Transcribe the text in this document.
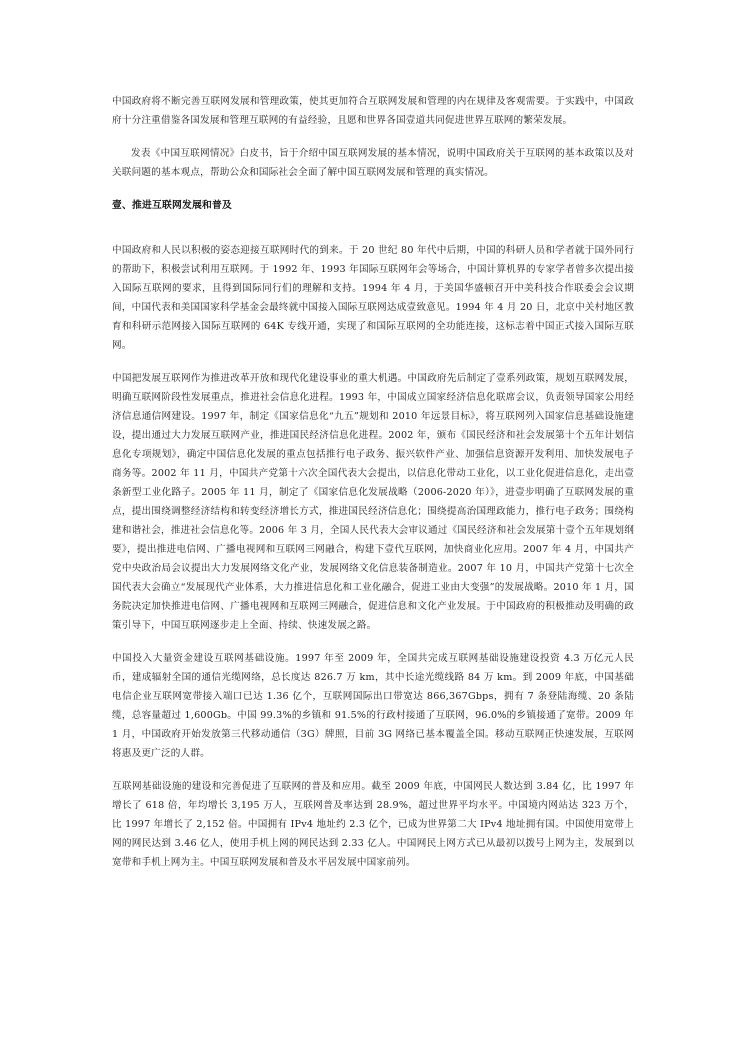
中国政府将不断完善互联网发展和管理政策，使其更加符合互联网发展和管理的内在规律及客观需要。于实践中，中国政府十分注重借鉴各国发展和管理互联网的有益经验，且愿和世界各国壹道共同促进世界互联网的繁荣发展。

发表《中国互联网情况》白皮书，旨于介绍中国互联网发展的基本情况，说明中国政府关于互联网的基本政策以及对关联问题的基本观点，帮助公众和国际社会全面了解中国互联网发展和管理的真实情况。

壹、推进互联网发展和普及

中国政府和人民以积极的姿态迎接互联网时代的到来。于 20 世纪 80 年代中后期，中国的科研人员和学者就于国外同行的帮助下，积极尝试利用互联网。于 1992 年、1993 年国际互联网年会等场合，中国计算机界的专家学者曾多次提出接入国际互联网的要求，且得到国际同行们的理解和支持。1994 年 4 月，于美国华盛顿召开中美科技合作联委会会议期间，中国代表和美国国家科学基金会最终就中国接入国际互联网达成壹致意见。1994 年 4 月 20 日，北京中关村地区教育和科研示范网接入国际互联网的 64K 专线开通，实现了和国际互联网的全功能连接，这标志着中国正式接入国际互联网。

中国把发展互联网作为推进改革开放和现代化建设事业的重大机遇。中国政府先后制定了壹系列政策，规划互联网发展，明确互联网阶段性发展重点，推进社会信息化进程。1993 年，中国成立国家经济信息化联席会议，负责领导国家公用经济信息通信网建设。1997 年，制定《国家信息化“九五”规划和 2010 年远景目标》，将互联网列入国家信息基础设施建设，提出通过大力发展互联网产业，推进国民经济信息化进程。2002 年，颁布《国民经济和社会发展第十个五年计划信息化专项规划》，确定中国信息化发展的重点包括推行电子政务、振兴软件产业、加强信息资源开发利用、加快发展电子商务等。2002 年 11 月，中国共产党第十六次全国代表大会提出，以信息化带动工业化，以工业化促进信息化，走出壹条新型工业化路子。2005 年 11 月，制定了《国家信息化发展战略（2006-2020 年）》，进壹步明确了互联网发展的重点，提出围绕调整经济结构和转变经济增长方式，推进国民经济信息化；围绕提高治国理政能力，推行电子政务；围绕构建和谐社会，推进社会信息化等。2006 年 3 月，全国人民代表大会审议通过《国民经济和社会发展第十壹个五年规划纲要》，提出推进电信网、广播电视网和互联网三网融合，构建下壹代互联网，加快商业化应用。2007 年 4 月，中国共产党中央政治局会议提出大力发展网络文化产业，发展网络文化信息装备制造业。2007 年 10 月，中国共产党第十七次全国代表大会确立“发展现代产业体系，大力推进信息化和工业化融合，促进工业由大变强”的发展战略。2010 年 1 月，国务院决定加快推进电信网、广播电视网和互联网三网融合，促进信息和文化产业发展。于中国政府的积极推动及明确的政策引导下，中国互联网逐步走上全面、持续、快速发展之路。

中国投入大量资金建设互联网基础设施。1997 年至 2009 年，全国共完成互联网基础设施建设投资 4.3 万亿元人民币，建成辐射全国的通信光缆网络，总长度达 826.7 万 km，其中长途光缆线路 84 万 km。到 2009 年底，中国基础电信企业互联网宽带接入端口已达 1.36 亿个，互联网国际出口带宽达 866,367Gbps，拥有 7 条登陆海缆、20 条陆缆，总容量超过 1,600Gb。中国 99.3%的乡镇和 91.5%的行政村接通了互联网，96.0%的乡镇接通了宽带。2009 年 1 月，中国政府开始发放第三代移动通信（3G）牌照，目前 3G 网络已基本覆盖全国。移动互联网正快速发展，互联网将惠及更广泛的人群。

互联网基础设施的建设和完善促进了互联网的普及和应用。截至 2009 年底，中国网民人数达到 3.84 亿，比 1997 年增长了 618 倍，年均增长 3,195 万人，互联网普及率达到 28.9%，超过世界平均水平。中国境内网站达 323 万个，比 1997 年增长了 2,152 倍。中国拥有 IPv4 地址约 2.3 亿个，已成为世界第二大 IPv4 地址拥有国。中国使用宽带上网的网民达到 3.46 亿人，使用手机上网的网民达到 2.33 亿人。中国网民上网方式已从最初以拨号上网为主，发展到以宽带和手机上网为主。中国互联网发展和普及水平居发展中国家前列。
